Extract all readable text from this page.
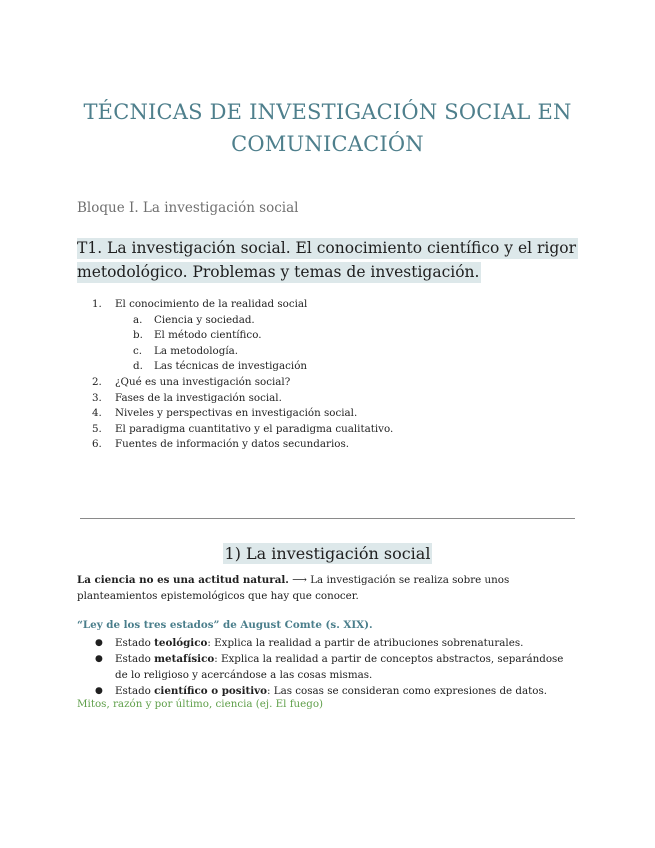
TÉCNICAS DE INVESTIGACIÓN SOCIAL EN
COMUNICACIÓN
Bloque I. La investigación social
T1. La investigación social. El conocimiento científico y el rigor metodológico. Problemas y temas de investigación.
1.	El conocimiento de la realidad social
a.	Ciencia y sociedad.
b.	El método científico.
c.	La metodología.
d.	Las técnicas de investigación
2.	¿Qué es una investigación social?
3.	Fases de la investigación social.
4.	Niveles y perspectivas en investigación social.
5.	El paradigma cuantitativo y el paradigma cualitativo.
6.	Fuentes de información y datos secundarios.
1) La investigación social
La ciencia no es una actitud natural. ⟶ La investigación se realiza sobre unos planteamientos epistemológicos que hay que conocer.
“Ley de los tres estados” de August Comte (s. XIX).
● Estado teológico: Explica la realidad a partir de atribuciones sobrenaturales.
● Estado metafísico: Explica la realidad a partir de conceptos abstractos, separándose de lo religioso y acercándose a las cosas mismas.
● Estado científico o positivo: Las cosas se consideran como expresiones de datos.
Mitos, razón y por último, ciencia (ej. El fuego)
